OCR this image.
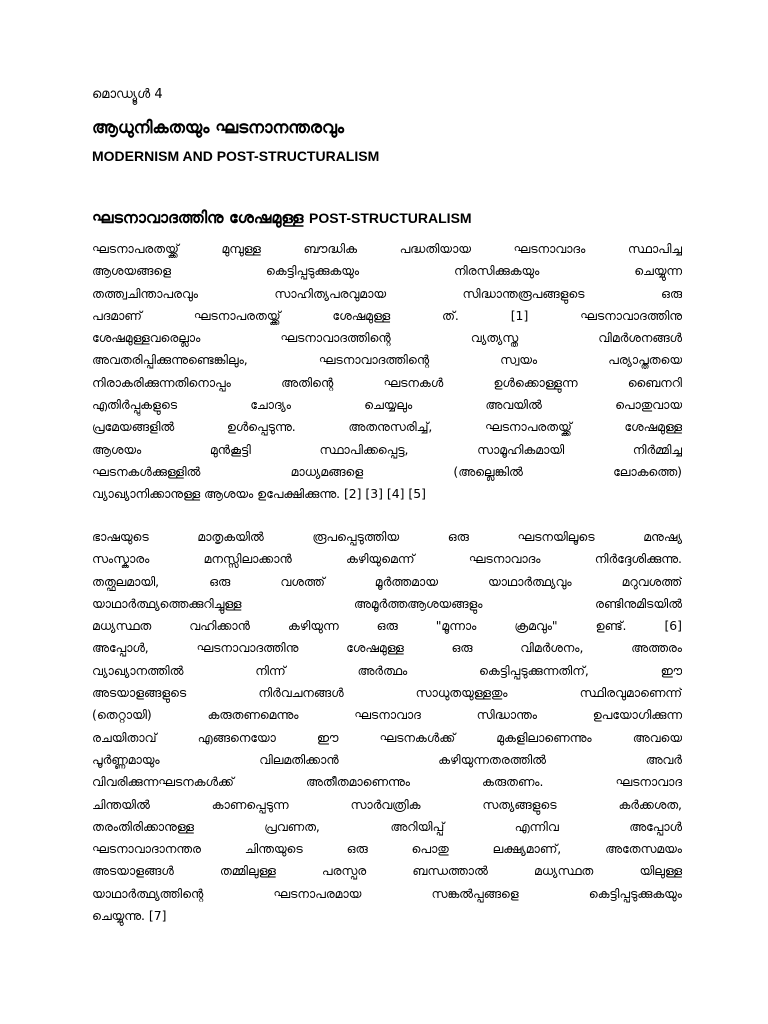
മൊഡ്യൂൾ 4
ആധുനികതയും ഘടനാനന്തരവും
MODERNISM AND POST-STRUCTURALISM
ഘടനാവാദത്തിനു ശേഷമുള്ള POST-STRUCTURALISM
ഘടനാപരതയ്ക്ക് മുമ്പുള്ള ബൗദ്ധിക പദ്ധതിയായ ഘടനാവാദം സ്ഥാപിച്ച
ആശയങ്ങളെ കെട്ടിപ്പടുക്കുകയും നിരസിക്കുകയും ചെയ്യുന്ന
തത്ത്വചിന്താപരവും സാഹിത്യപരവുമായ സിദ്ധാന്തരൂപങ്ങളുടെ ഒരു
പദമാണ് ഘടനാപരതയ്ക്ക് ശേഷമുള്ള ത്. [1] ഘടനാവാദത്തിനു
ശേഷമുള്ളവരെല്ലാം ഘടനാവാദത്തിന്റെ വ്യത്യസ്ത വിമർശനങ്ങൾ
അവതരിപ്പിക്കുന്നുണ്ടെങ്കിലും, ഘടനാവാദത്തിന്റെ സ്വയം പര്യാപ്തതയെ
നിരാകരിക്കുന്നതിനൊപ്പം അതിന്റെ ഘടനകൾ ഉൾക്കൊള്ളുന്ന ബൈനറി
എതിർപ്പുകളുടെ ചോദ്യം ചെയ്യലും അവയിൽ പൊതുവായ
പ്രമേയങ്ങളിൽ ഉൾപ്പെടുന്നു. അതനുസരിച്ച്, ഘടനാപരതയ്ക്ക് ശേഷമുള്ള
ആശയം മുൻകൂട്ടി സ്ഥാപിക്കപ്പെട്ട, സാമൂഹികമായി നിർമ്മിച്ച
ഘടനകൾക്കുള്ളിൽ മാധ്യമങ്ങളെ (അല്ലെങ്കിൽ ലോകത്തെ)
വ്യാഖ്യാനിക്കാനുള്ള ആശയം ഉപേക്ഷിക്കുന്നു. [2] [3] [4] [5]
ഭാഷയുടെ മാതൃകയിൽ രൂപപ്പെടുത്തിയ ഒരു ഘടനയിലൂടെ മനുഷ്യ
സംസ്കാരം മനസ്സിലാക്കാൻ കഴിയുമെന്ന് ഘടനാവാദം നിർദ്ദേശിക്കുന്നു.
തത്ഫലമായി, ഒരു വശത്ത് മൂർത്തമായ യാഥാർത്ഥ്യവും മറുവശത്ത്
യാഥാർത്ഥ്യത്തെക്കുറിച്ചുള്ള അമൂർത്തആശയങ്ങളും രണ്ടിനുമിടയിൽ
മധ്യസ്ഥത വഹിക്കാൻ കഴിയുന്ന ഒരു "മൂന്നാം ക്രമവും" ഉണ്ട്. [6]
അപ്പോൾ, ഘടനാവാദത്തിനു ശേഷമുള്ള ഒരു വിമർശനം, അത്തരം
വ്യാഖ്യാനത്തിൽ നിന്ന് അർത്ഥം കെട്ടിപ്പടുക്കുന്നതിന്, ഈ
അടയാളങ്ങളുടെ നിർവചനങ്ങൾ സാധുതയുള്ളതും സ്ഥിരവുമാണെന്ന്
(തെറ്റായി) കരുതണമെന്നും ഘടനാവാദ സിദ്ധാന്തം ഉപയോഗിക്കുന്ന
രചയിതാവ് എങ്ങനെയോ ഈ ഘടനകൾക്ക് മുകളിലാണെന്നും അവയെ
പൂർണ്ണമായും വിലമതിക്കാൻ കഴിയുന്നതരത്തിൽ അവർ
വിവരിക്കുന്നഘടനകൾക്ക് അതീതമാണെന്നും കരുതണം. ഘടനാവാദ
ചിന്തയിൽ കാണപ്പെടുന്ന സാർവത്രിക സത്യങ്ങളുടെ കർക്കശത,
തരംതിരിക്കാനുള്ള പ്രവണത, അറിയിപ്പ് എന്നിവ അപ്പോൾ
ഘടനാവാദാനന്തര ചിന്തയുടെ ഒരു പൊതു ലക്ഷ്യമാണ്, അതേസമയം
അടയാളങ്ങൾ തമ്മിലുള്ള പരസ്പര ബന്ധത്താൽ മധ്യസ്ഥത യിലുള്ള
യാഥാർത്ഥ്യത്തിന്റെ ഘടനാപരമായ സങ്കൽപ്പങ്ങളെ കെട്ടിപ്പടുക്കുകയും
ചെയ്യുന്നു. [7]
